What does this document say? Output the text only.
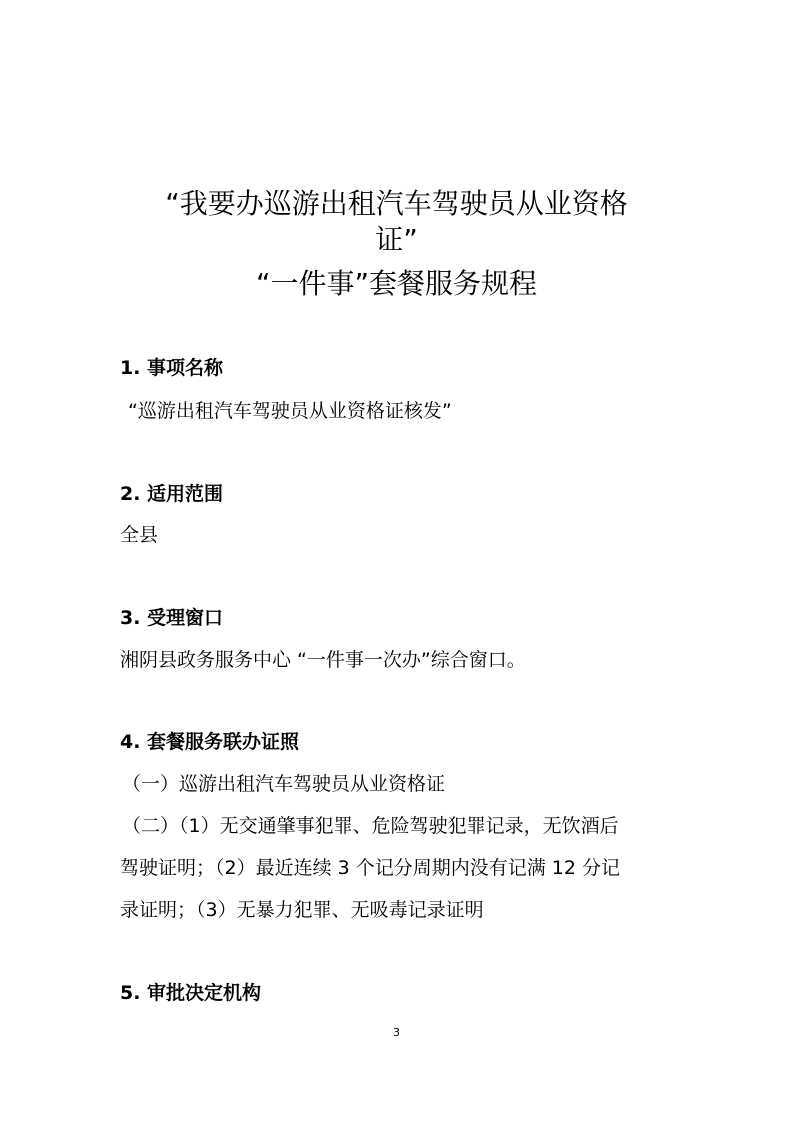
“我要办巡游出租汽车驾驶员从业资格
证”
“一件事”套餐服务规程
1. 事项名称
“巡游出租汽车驾驶员从业资格证核发”
2. 适用范围
全县
3. 受理窗口
湘阴县政务服务中心 “一件事一次办”综合窗口。
4. 套餐服务联办证照
（一）巡游出租汽车驾驶员从业资格证
（二）（1）无交通肇事犯罪、危险驾驶犯罪记录，无饮酒后
驾驶证明；（2）最近连续 3 个记分周期内没有记满 12 分记
录证明；（3）无暴力犯罪、无吸毒记录证明
5. 审批决定机构
3
